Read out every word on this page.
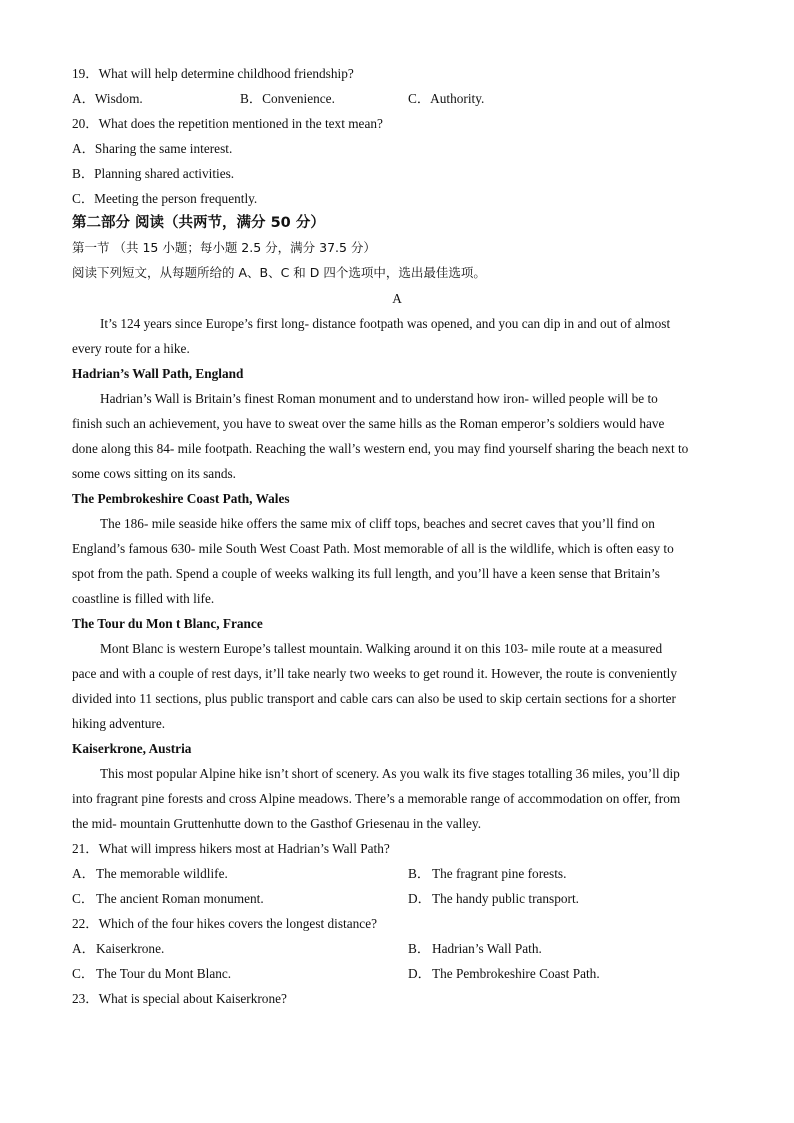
19．What will help determine childhood friendship?
A．Wisdom.	B．Convenience.	C．Authority.
20．What does the repetition mentioned in the text mean?
A．Sharing the same interest.
B．Planning shared activities.
C．Meeting the person frequently.
第二部分 阅读（共两节，满分 50 分）
第一节 （共 15 小题；每小题 2.5 分，满分 37.5 分）
阅读下列短文，从每题所给的 A、B、C 和 D 四个选项中，选出最佳选项。
A
It’s 124 years since Europe’s first long- distance footpath was opened, and you can dip in and out of almost
every route for a hike.
Hadrian’s Wall Path, England
Hadrian’s Wall is Britain’s finest Roman monument and to understand how iron- willed people will be to
finish such an achievement, you have to sweat over the same hills as the Roman emperor’s soldiers would have
done along this 84- mile footpath. Reaching the wall’s western end, you may find yourself sharing the beach next to
some cows sitting on its sands.
The Pembrokeshire Coast Path, Wales
The 186- mile seaside hike offers the same mix of cliff tops, beaches and secret caves that you’ll find on
England’s famous 630- mile South West Coast Path. Most memorable of all is the wildlife, which is often easy to
spot from the path. Spend a couple of weeks walking its full length, and you’ll have a keen sense that Britain’s
coastline is filled with life.
The Tour du Mon t Blanc, France
Mont Blanc is western Europe’s tallest mountain. Walking around it on this 103- mile route at a measured
pace and with a couple of rest days, it’ll take nearly two weeks to get round it. However, the route is conveniently
divided into 11 sections, plus public transport and cable cars can also be used to skip certain sections for a shorter
hiking adventure.
Kaiserkrone, Austria
This most popular Alpine hike isn’t short of scenery. As you walk its five stages totalling 36 miles, you’ll dip
into fragrant pine forests and cross Alpine meadows. There’s a memorable range of accommodation on offer, from
the mid- mountain Gruttenhutte down to the Gasthof Griesenau in the valley.
21．What will impress hikers most at Hadrian’s Wall Path?
A．The memorable wildlife.	B． The fragrant pine forests.
C． The ancient Roman monument.	D．The handy public transport.
22．Which of the four hikes covers the longest distance?
A．Kaiserkrone.	B． Hadrian’s Wall Path.
C． The Tour du Mont Blanc.	D．The Pembrokeshire Coast Path.
23．What is special about Kaiserkrone?
